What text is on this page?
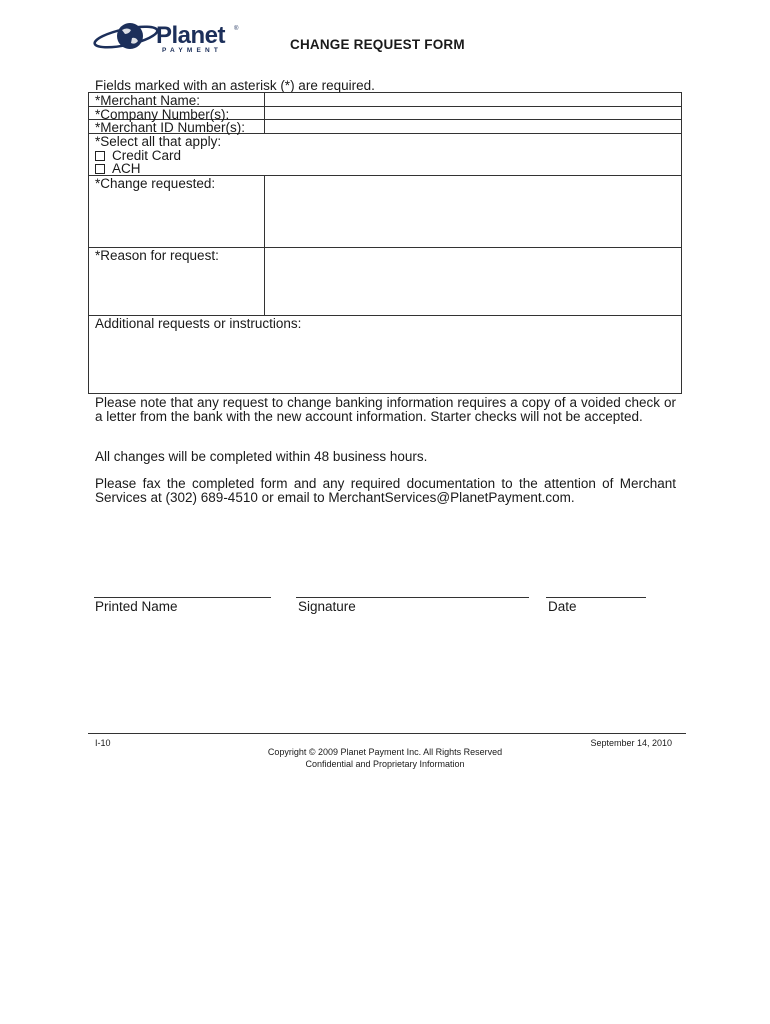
Planet
PAYMENT
®
CHANGE REQUEST FORM
Fields marked with an asterisk (*) are required.
*Merchant Name:
*Company Number(s):
*Merchant ID Number(s):
*Select all that apply:
Credit Card
ACH
*Change requested:
*Reason for request:
Additional requests or instructions:
Please note that any request to change banking information requires a copy of a voided check or a letter from the bank with the new account information. Starter checks will not be accepted.
All changes will be completed within 48 business hours.
Please fax the completed form and any required documentation to the attention of Merchant Services at (302) 689-4510 or email to MerchantServices@PlanetPayment.com.
Printed Name	Signature	Date
I-10	September 14, 2010
Copyright © 2009 Planet Payment Inc. All Rights Reserved
Confidential and Proprietary Information
